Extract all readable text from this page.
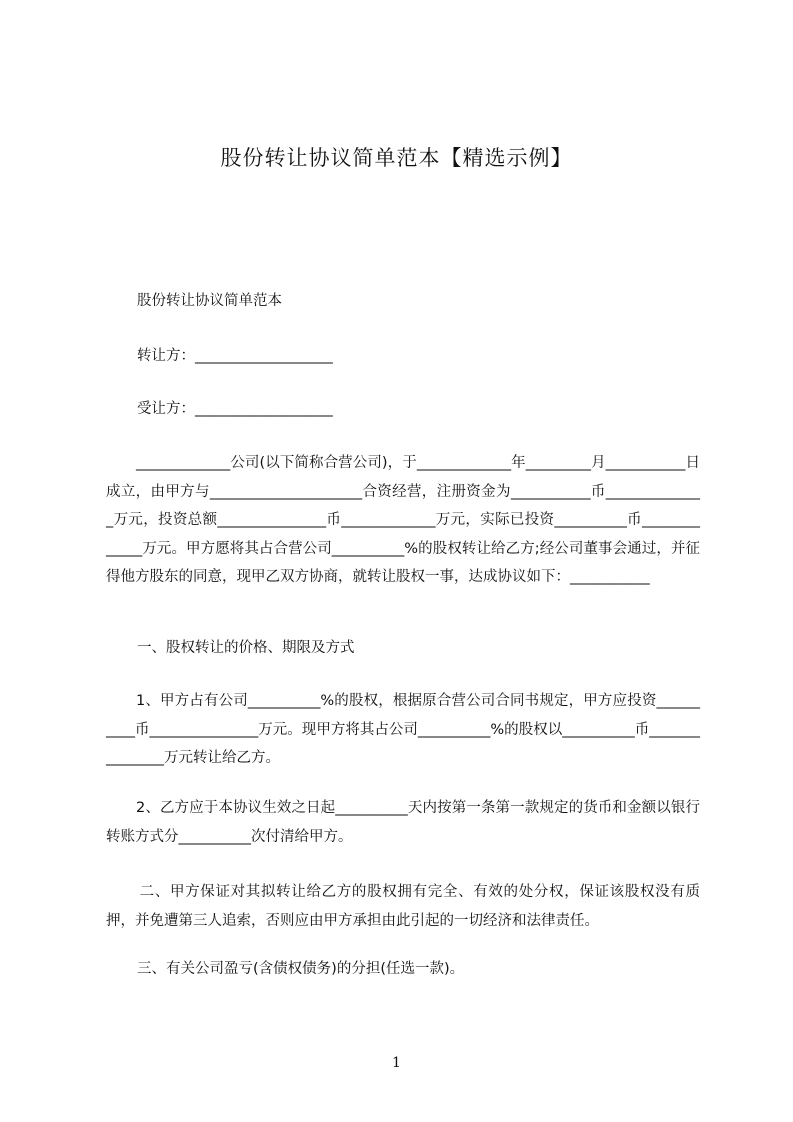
股份转让协议简单范本【精选示例】

股份转让协议简单范本

转让方：___________________

受让方：___________________

_____________公司(以下简称合营公司)，于_____________年_________月___________日成立，由甲方与_____________________合资经营，注册资金为___________币______________万元，投资总额_______________币_____________万元，实际已投资__________币_____________万元。甲方愿将其占合营公司__________%的股权转让给乙方;经公司董事会通过，并征得他方股东的同意，现甲乙双方协商，就转让股权一事，达成协议如下：___________

一、股权转让的价格、期限及方式

1、甲方占有公司__________%的股权，根据原合营公司合同书规定，甲方应投资__________币_______________万元。现甲方将其占公司__________%的股权以__________币_______________万元转让给乙方。

2、乙方应于本协议生效之日起__________天内按第一条第一款规定的货币和金额以银行转账方式分__________次付清给甲方。

二、甲方保证对其拟转让给乙方的股权拥有完全、有效的处分权，保证该股权没有质押，并免遭第三人追索，否则应由甲方承担由此引起的一切经济和法律责任。

三、有关公司盈亏(含债权债务)的分担(任选一款)。

1
